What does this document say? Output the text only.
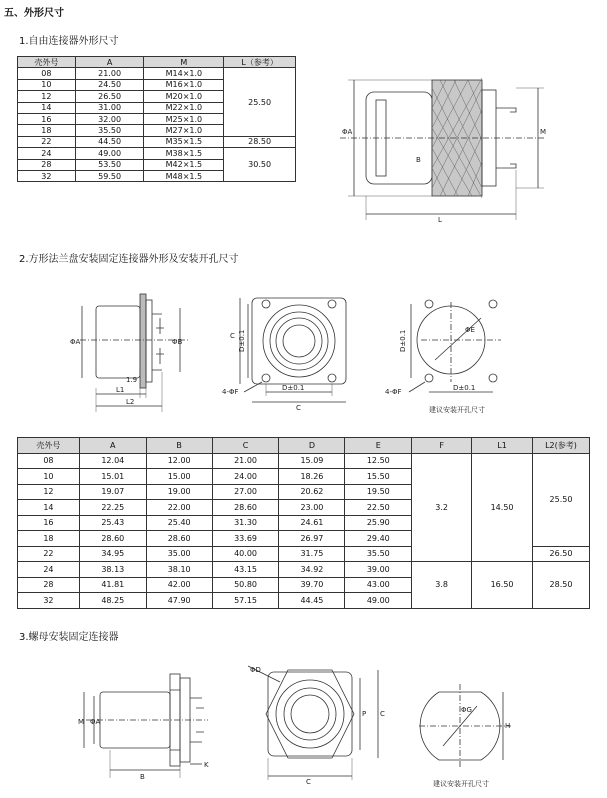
五、外形尺寸
1.自由连接器外形尺寸
2.方形法兰盘安装固定连接器外形及安装开孔尺寸
3.螺母安装固定连接器
壳外号	A	M	L（参考）
08	21.00	M14×1.0	25.50
10	24.50	M16×1.0	
12	26.50	M20×1.0	
14	31.00	M22×1.0	
16	32.00	M25×1.0	
18	35.50	M27×1.0	
22	44.50	M35×1.5	28.50
24	49.00	M38×1.5	30.50
28	53.50	M42×1.5	
32	59.50	M48×1.5	
壳外号	A	B	C	D	E	F	L1	L2(参考)
08	12.04	12.00	21.00	15.09	12.50	3.2	14.50	25.50
10	15.01	15.00	24.00	18.26	15.50			
12	19.07	19.00	27.00	20.62	19.50			
14	22.25	22.00	28.60	23.00	22.50			
16	25.43	25.40	31.30	24.61	25.90			
18	28.60	28.60	33.69	26.97	29.40			
22	34.95	35.00	40.00	31.75	35.50			26.50
24	38.13	38.10	43.15	34.92	39.00	3.8	16.50	28.50
28	41.81	42.00	50.80	39.70	43.00			
32	48.25	47.90	57.15	44.45	49.00			
ΦA	M
L
B
ΦA	ΦB
1.9
L1
L2
C D±0.1
D±0.1
C
4-ΦF
ΦE
D±0.1
D±0.1
4-ΦF
建议安装开孔尺寸
M ΦA
B
K
ΦD
P C
C
ΦG
H
建议安装开孔尺寸
